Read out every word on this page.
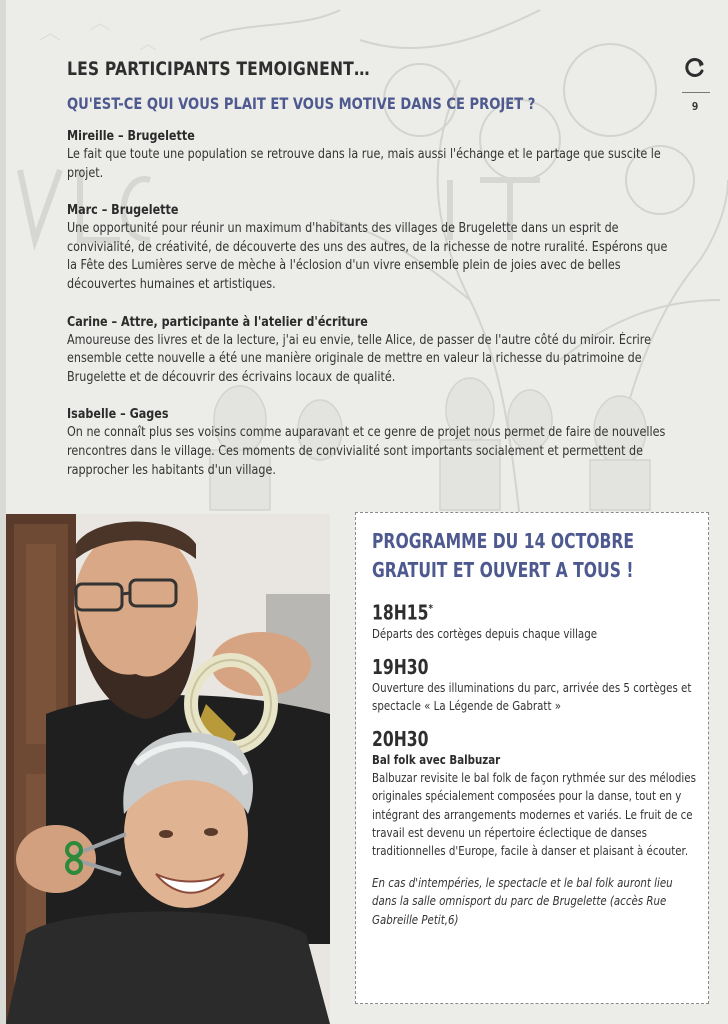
LES PARTICIPANTS TEMOIGNENT…
QU'EST-CE QUI VOUS PLAIT ET VOUS MOTIVE DANS CE PROJET ?	9
Mireille – Brugelette
Le fait que toute une population se retrouve dans la rue, mais aussi l'échange et le partage que suscite le projet.
Marc – Brugelette
Une opportunité pour réunir un maximum d'habitants des villages de Brugelette dans un esprit de convivialité, de créativité, de découverte des uns des autres, de la richesse de notre ruralité. Espérons que la Fête des Lumières serve de mèche à l'éclosion d'un vivre ensemble plein de joies avec de belles découvertes humaines et artistiques.
Carine – Attre, participante à l'atelier d'écriture
Amoureuse des livres et de la lecture, j'ai eu envie, telle Alice, de passer de l'autre côté du miroir. Écrire ensemble cette nouvelle a été une manière originale de mettre en valeur la richesse du patrimoine de Brugelette et de découvrir des écrivains locaux de qualité.
Isabelle – Gages
On ne connaît plus ses voisins comme auparavant et ce genre de projet nous permet de faire de nouvelles rencontres dans le village. Ces moments de convivialité sont importants socialement et permettent de rapprocher les habitants d'un village.
PROGRAMME DU 14 OCTOBRE
GRATUIT ET OUVERT A TOUS !
18H15*
Départs des cortèges depuis chaque village
19H30
Ouverture des illuminations du parc, arrivée des 5 cortèges et spectacle « La Légende de Gabratt »
20H30
Bal folk avec Balbuzar
Balbuzar revisite le bal folk de façon rythmée sur des mélodies originales spécialement composées pour la danse, tout en y intégrant des arrangements modernes et variés. Le fruit de ce travail est devenu un répertoire éclectique de danses traditionnelles d'Europe, facile à danser et plaisant à écouter.
En cas d'intempéries, le spectacle et le bal folk auront lieu dans la salle omnisport du parc de Brugelette (accès Rue Gabreille Petit,6)
